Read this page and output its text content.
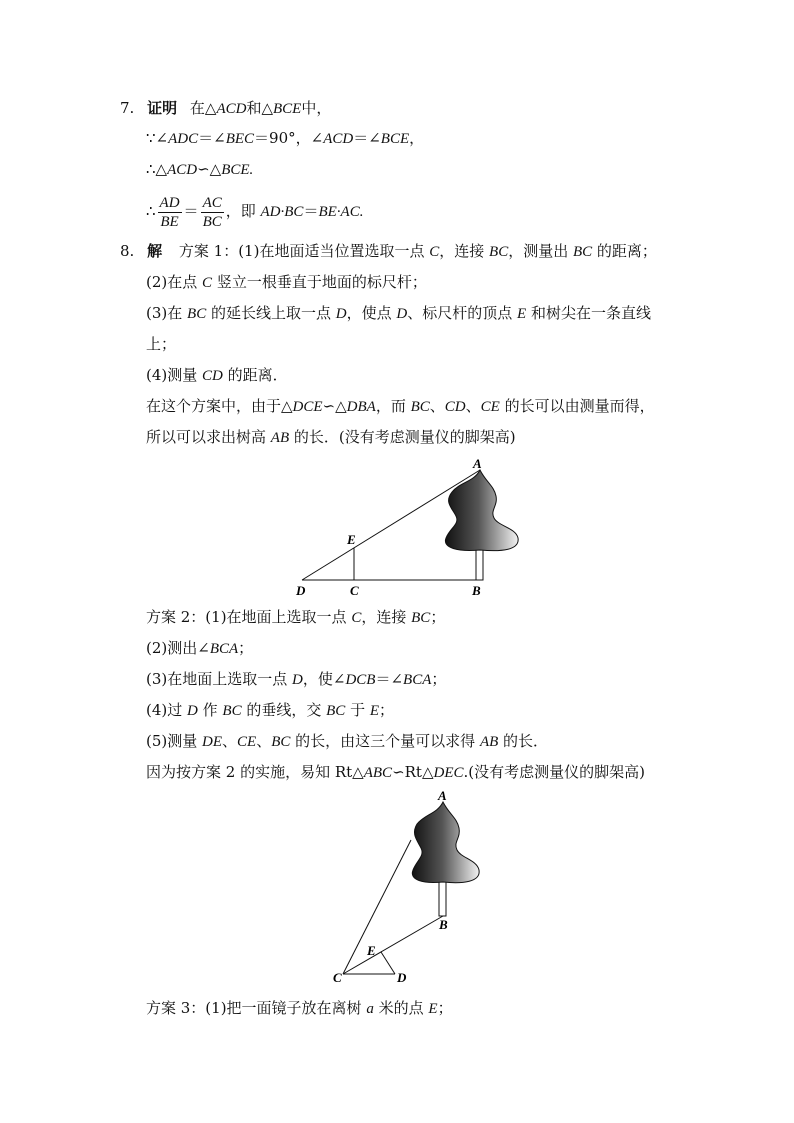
7. 证明 在△ACD和△BCE中，
∵∠ADC＝∠BEC＝90°，∠ACD＝∠BCE，
∴△ACD∽△BCE.
∴ $\frac{AD}{BE} = \frac{AC}{BC}$ ，即 AD·BC＝BE·AC.
8. 解 方案 1：(1)在地面适当位置选取一点 C，连接 BC，测量出 BC 的距离；
(2)在点 C 竖立一根垂直于地面的标尺杆；
(3)在 BC 的延长线上取一点 D，使点 D、标尺杆的顶点 E 和树尖在一条直线
上；
(4)测量 CD 的距离．
在这个方案中，由于△DCE∽△DBA，而 BC、CD、CE 的长可以由测量而得，
所以可以求出树高 AB 的长．(没有考虑测量仪的脚架高)
A
B
C
D
E
方案 2：(1)在地面上选取一点 C，连接 BC；
(2)测出∠BCA；
(3)在地面上选取一点 D，使∠DCB＝∠BCA；
(4)过 D 作 BC 的垂线，交 BC 于 E；
(5)测量 DE、CE、BC 的长，由这三个量可以求得 AB 的长．
因为按方案 2 的实施，易知 Rt△ABC∽Rt△DEC.(没有考虑测量仪的脚架高)
A
B
C	D
E
方案 3：(1)把一面镜子放在离树 a 米的点 E；
